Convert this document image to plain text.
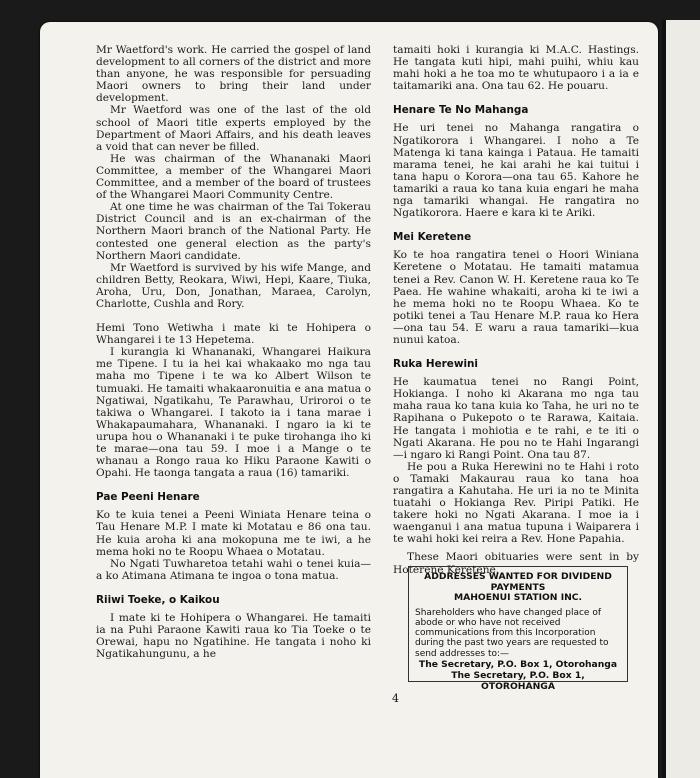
Mr Waetford's work. He carried the gospel of land development to all corners of the district and more than anyone, he was responsible for persuading Maori owners to bring their land under development.

Mr Waetford was one of the last of the old school of Maori title experts employed by the Department of Maori Affairs, and his death leaves a void that can never be filled.

He was chairman of the Whananaki Maori Committee, a member of the Whangarei Maori Committee, and a member of the board of trustees of the Whangarei Maori Community Centre.

At one time he was chairman of the Tai Tokerau District Council and is an ex-chairman of the Northern Maori branch of the National Party. He contested one general election as the party's Northern Maori candidate.

Mr Waetford is survived by his wife Mange, and children Betty, Reokara, Wiwi, Hepi, Kaare, Tiuka, Aroha, Uru, Don, Jonathan, Maraea, Carolyn, Charlotte, Cushla and Rory.

Hemi Tono Wetiwha i mate ki te Hohipera o Whangarei i te 13 Hepetema.

I kurangia ki Whananaki, Whangarei Haikura me Tipene. I tu ia hei kai whakaako mo nga tau maha mo Tipene i te wa ko Albert Wilson te tumuaki. He tamaiti whakaaronuitia e ana matua o Ngatiwai, Ngatikahu, Te Parawhau, Uriroroi o te takiwa o Whangarei. I takoto ia i tana marae i Whakapaumahara, Whananaki. I ngaro ia ki te urupa hou o Whananaki i te puke tirohanga iho ki te marae—ona tau 59. I moe i a Mange o te whanau a Rongo raua ko Hiku Paraone Kawiti o Opahi. He taonga tangata a raua (16) tamariki.

Pae Peeni Henare

Ko te kuia tenei a Peeni Winiata Henare teina o Tau Henare M.P. I mate ki Motatau e 86 ona tau. He kuia aroha ki ana mokopuna me te iwi, a he mema hoki no te Roopu Whaea o Motatau.

No Ngati Tuwharetoa tetahi wahi o tenei kuia—a ko Atimana Atimana te ingoa o tona matua.

Riiwi Toeke, o Kaikou

I mate ki te Hohipera o Whangarei. He tamaiti ia na Puhi Paraone Kawiti raua ko Tia Toeke o te Orewai, hapu no Ngatihine. He tangata i noho ki Ngatikahungunu, a he

tamaiti hoki i kurangia ki M.A.C. Hastings. He tangata kuti hipi, mahi puihi, whiu kau mahi hoki a he toa mo te whutupaoro i a ia e taitamariki ana. Ona tau 62. He pouaru.

Henare Te No Mahanga

He uri tenei no Mahanga rangatira o Ngatikorora i Whangarei. I noho a Te Matenga ki tana kainga i Pataua. He tamaiti marama tenei, he kai arahi he kai tuitui i tana hapu o Korora—ona tau 65. Kahore he tamariki a raua ko tana kuia engari he maha nga tamariki whangai. He rangatira no Ngatikorora. Haere e kara ki te Ariki.

Mei Keretene

Ko te hoa rangatira tenei o Hoori Winiana Keretene o Motatau. He tamaiti matamua tenei a Rev. Canon W. H. Keretene raua ko Te Paea. He wahine whakaiti, aroha ki te iwi a he mema hoki no te Roopu Whaea. Ko te potiki tenei a Tau Henare M.P. raua ko Hera—ona tau 54. E waru a raua tamariki—kua nunui katoa.

Ruka Herewini

He kaumatua tenei no Rangi Point, Hokianga. I noho ki Akarana mo nga tau maha raua ko tana kuia ko Taha, he uri no te Rapihana o Pukepoto o te Rarawa, Kaitaia. He tangata i mohiotia e te rahi, e te iti o Ngati Akarana. He pou no te Hahi Ingarangi—i ngaro ki Rangi Point. Ona tau 87.

He pou a Ruka Herewini no te Hahi i roto o Tamaki Makaurau raua ko tana hoa rangatira a Kahutaha. He uri ia no te Minita tuatahi o Hokianga Rev. Piripi Patiki. He takere hoki no Ngati Akarana. I moe ia i waenganui i ana matua tupuna i Waiparera i te wahi hoki kei reira a Rev. Hone Papahia.

These Maori obituaries were sent in by Hoterene Keretene.

ADDRESSES WANTED FOR DIVIDEND
PAYMENTS
MAHOENUI STATION INC.
Shareholders who have changed place of abode or who have not received communications from this Incorporation during the past two years are requested to send addresses to:—
The Secretary, P.O. Box 1, Otorohanga
The Secretary, P.O. Box 1,
OTOROHANGA
4
